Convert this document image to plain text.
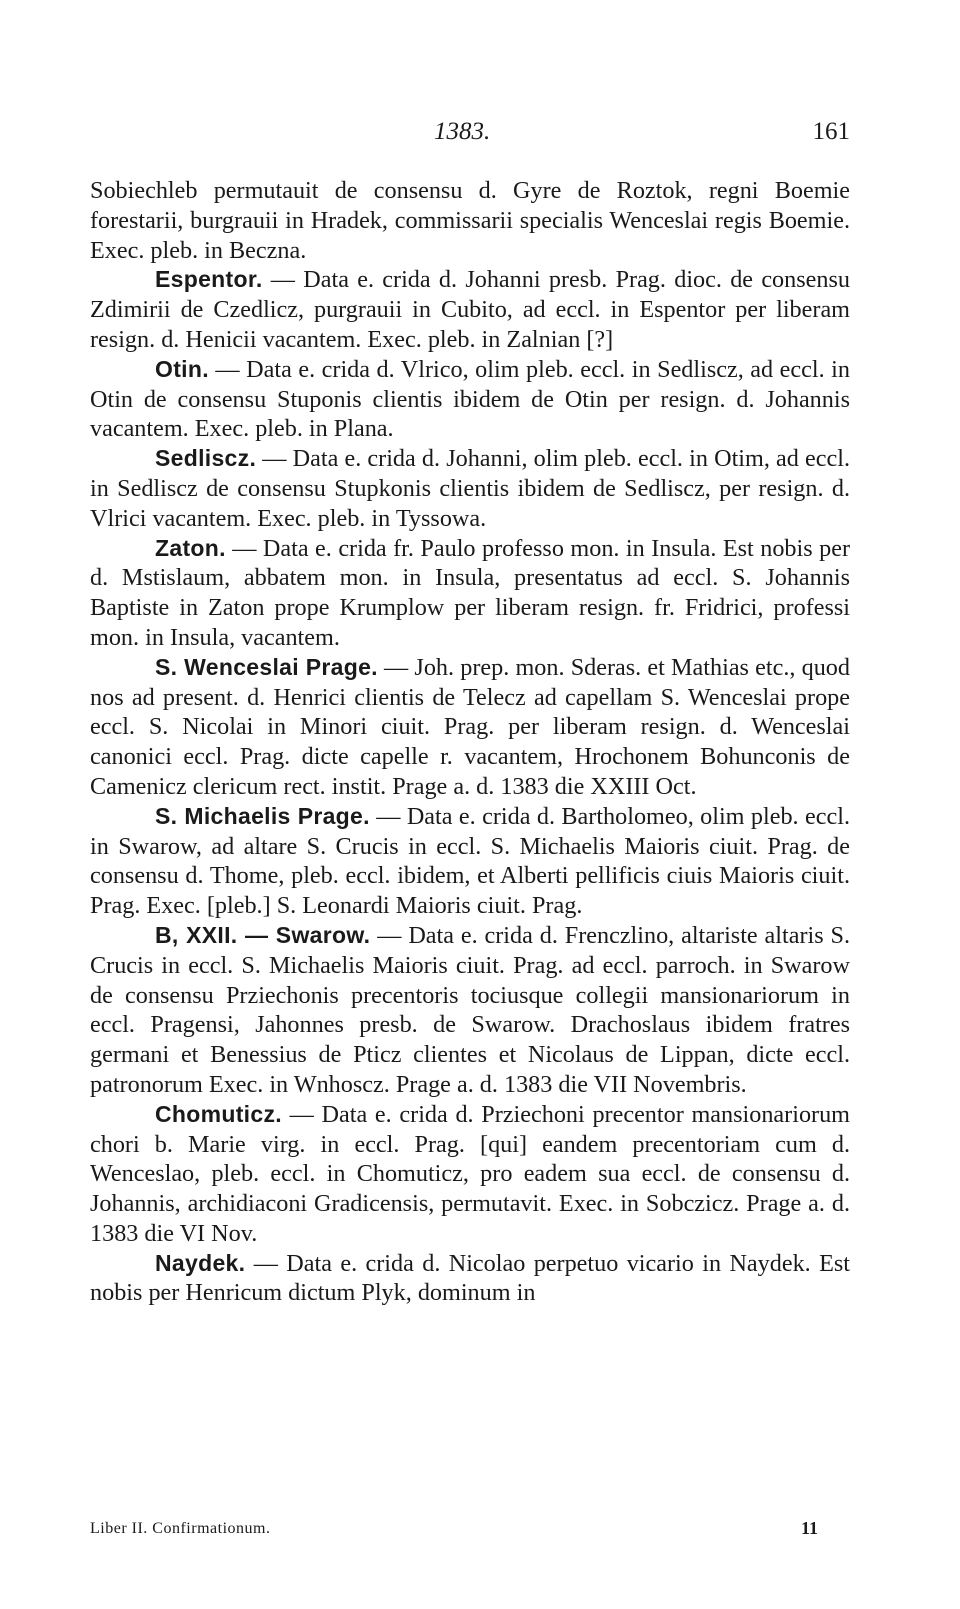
1383.	161

Sobiechleb permutauit de consensu d. Gyre de Roztok, regni Boemie forestarii, burgrauii in Hradek, commissarii specialis Wenceslai regis Boemie. Exec. pleb. in Beczna.

Espentor. — Data e. crida d. Johanni presb. Prag. dioc. de consensu Zdimirii de Czedlicz, purgrauii in Cubito, ad eccl. in Espentor per liberam resign. d. Henicii vacantem. Exec. pleb. in Zalnian [?]

Otin. — Data e. crida d. Vlrico, olim pleb. eccl. in Sedliscz, ad eccl. in Otin de consensu Stuponis clientis ibidem de Otin per resign. d. Johannis vacantem. Exec. pleb. in Plana.

Sedliscz. — Data e. crida d. Johanni, olim pleb. eccl. in Otim, ad eccl. in Sedliscz de consensu Stupkonis clientis ibidem de Sedliscz, per resign. d. Vlrici vacantem. Exec. pleb. in Tyssowa.

Zaton. — Data e. crida fr. Paulo professo mon. in Insula. Est nobis per d. Mstislaum, abbatem mon. in Insula, presentatus ad eccl. S. Johannis Baptiste in Zaton prope Krumplow per liberam resign. fr. Fridrici, professi mon. in Insula, vacantem.

S. Wenceslai Prage. — Joh. prep. mon. Sderas. et Mathias etc., quod nos ad present. d. Henrici clientis de Telecz ad capellam S. Wenceslai prope eccl. S. Nicolai in Minori ciuit. Prag. per liberam resign. d. Wenceslai canonici eccl. Prag. dicte capelle r. vacantem, Hrochonem Bohunconis de Camenicz clericum rect. instit. Prage a. d. 1383 die XXIII Oct.

S. Michaelis Prage. — Data e. crida d. Bartholomeo, olim pleb. eccl. in Swarow, ad altare S. Crucis in eccl. S. Michaelis Maioris ciuit. Prag. de consensu d. Thome, pleb. eccl. ibidem, et Alberti pellificis ciuis Maioris ciuit. Prag. Exec. [pleb.] S. Leonardi Maioris ciuit. Prag.

B, XXII. — Swarow. — Data e. crida d. Frenczlino, altariste altaris S. Crucis in eccl. S. Michaelis Maioris ciuit. Prag. ad eccl. parroch. in Swarow de consensu Prziechonis precentoris tociusque collegii mansionariorum in eccl. Pragensi, Jahonnes presb. de Swarow. Drachoslaus ibidem fratres germani et Benessius de Pticz clientes et Nicolaus de Lippan, dicte eccl. patronorum Exec. in Wnhoscz. Prage a. d. 1383 die VII Novembris.

Chomuticz. — Data e. crida d. Prziechoni precentor mansionariorum chori b. Marie virg. in eccl. Prag. [qui] eandem precentoriam cum d. Wenceslao, pleb. eccl. in Chomuticz, pro eadem sua eccl. de consensu d. Johannis, archidiaconi Gradicensis, permutavit. Exec. in Sobczicz. Prage a. d. 1383 die VI Nov.

Naydek. — Data e. crida d. Nicolao perpetuo vicario in Naydek. Est nobis per Henricum dictum Plyk, dominum in

Liber II. Confirmationum.	11
